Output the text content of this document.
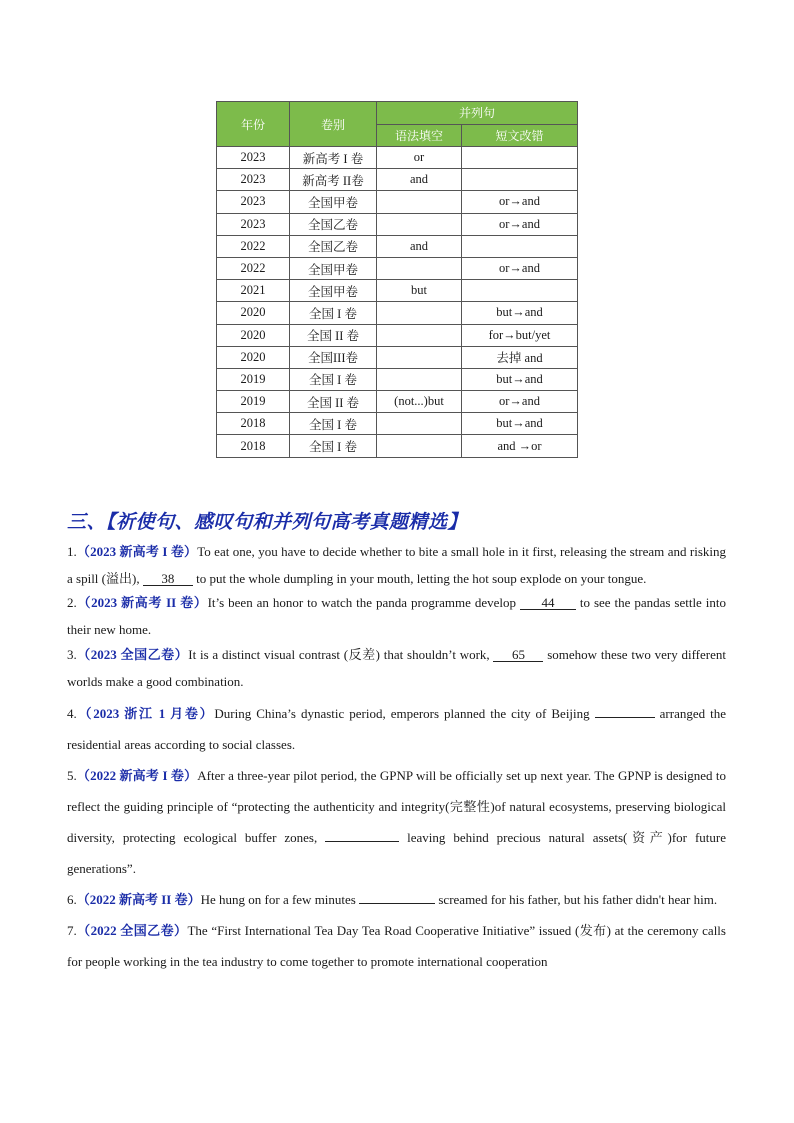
年份	卷别	并列句	
		语法填空	短文改错
2023	新高考 I 卷	or	
2023	新高考 II卷	and	
2023	全国甲卷		or→and
2023	全国乙卷		or→and
2022	全国乙卷	and	
2022	全国甲卷		or→and
2021	全国甲卷	but	
2020	全国 I 卷		but→and
2020	全国 II 卷		for→but/yet
2020	全国III卷		去掉 and
2019	全国 I 卷		but→and
2019	全国 II 卷	(not...)but	or→and
2018	全国 I 卷		but→and
2018	全国 I 卷		and →or
三、【祈使句、感叹句和并列句高考真题精选】
1.（2023 新高考 I 卷）To eat one, you have to decide whether to bite a small hole in it first, releasing the stream and risking a spill (溢出), 38 to put the whole dumpling in your mouth, letting the hot soup explode on your tongue.
2.（2023 新高考 II 卷）It’s been an honor to watch the panda programme develop 44 to see the pandas settle into their new home.
3.（2023 全国乙卷）It is a distinct visual contrast (反差) that shouldn’t work, 65 somehow these two very different worlds make a good combination.
4.（2023 浙江 1 月卷）During China’s dynastic period, emperors planned the city of Beijing	arranged the residential areas according to social classes.
5.（2022 新高考 I 卷）After a three-year pilot period, the GPNP will be officially set up next year. The GPNP is designed to reflect the guiding principle of “protecting the authenticity and integrity(完整性)of natural ecosystems, preserving biological diversity, protecting ecological buffer zones,	leaving behind precious natural assets(资产)for future generations”.
6.（2022 新高考 II 卷）He hung on for a few minutes	screamed for his father, but his father didn't hear him.
7.（2022 全国乙卷）The “First International Tea Day Tea Road Cooperative Initiative” issued (发布) at the ceremony calls for people working in the tea industry to come together to promote international cooperation
